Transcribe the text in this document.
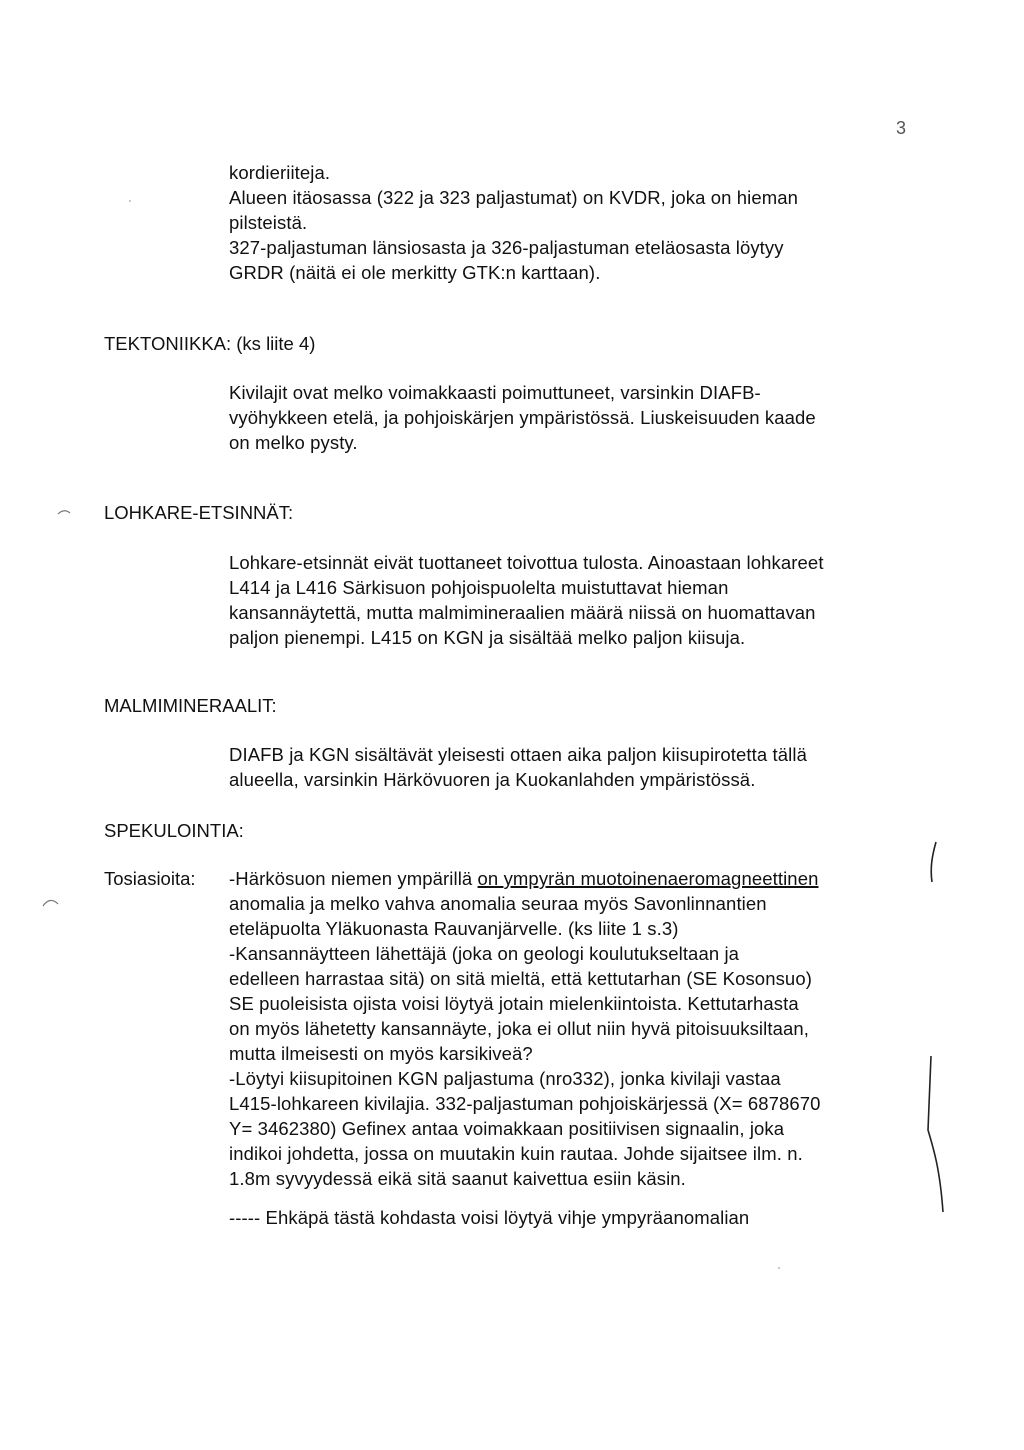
3
kordieriiteja.
Alueen itäosassa (322 ja 323 paljastumat) on KVDR, joka on hieman
pilsteistä.
327-paljastuman länsiosasta ja 326-paljastuman eteläosasta löytyy
GRDR (näitä ei ole merkitty GTK:n karttaan).
TEKTONIIKKA: (ks liite 4)
Kivilajit ovat melko voimakkaasti poimuttuneet, varsinkin DIAFB-
vyöhykkeen etelä, ja pohjoiskärjen ympäristössä. Liuskeisuuden kaade
on melko pysty.
LOHKARE-ETSINNÄT:
Lohkare-etsinnät eivät tuottaneet toivottua tulosta. Ainoastaan lohkareet
L414 ja L416 Särkisuon pohjoispuolelta muistuttavat hieman
kansannäytettä, mutta malmimineraalien määrä niissä on huomattavan
paljon pienempi. L415 on KGN ja sisältää melko paljon kiisuja.
MALMIMINERAALIT:
DIAFB ja KGN sisältävät yleisesti ottaen aika paljon kiisupirotetta tällä
alueella, varsinkin Härkövuoren ja Kuokanlahden ympäristössä.
SPEKULOINTIA:
Tosiasioita: -Härkösuon niemen ympärillä on ympyrän muotoinenaeromagneettinen
anomalia ja melko vahva anomalia seuraa myös Savonlinnantien
eteläpuolta Yläkuonasta Rauvanjärvelle. (ks liite 1 s.3)
-Kansannäytteen lähettäjä (joka on geologi koulutukseltaan ja
edelleen harrastaa sitä) on sitä mieltä, että kettutarhan (SE Kosonsuo)
SE puoleisista ojista voisi löytyä jotain mielenkiintoista. Kettutarhasta
on myös lähetetty kansannäyte, joka ei ollut niin hyvä pitoisuuksiltaan,
mutta ilmeisesti on myös karsikiveä?
-Löytyi kiisupitoinen KGN paljastuma (nro332), jonka kivilaji vastaa
L415-lohkareen kivilajia. 332-paljastuman pohjoiskärjessä (X= 6878670
Y= 3462380) Gefinex antaa voimakkaan positiivisen signaalin, joka
indikoi johdetta, jossa on muutakin kuin rautaa. Johde sijaitsee ilm. n.
1.8m syvyydessä eikä sitä saanut kaivettua esiin käsin.
----- Ehkäpä tästä kohdasta voisi löytyä vihje ympyräanomalian
